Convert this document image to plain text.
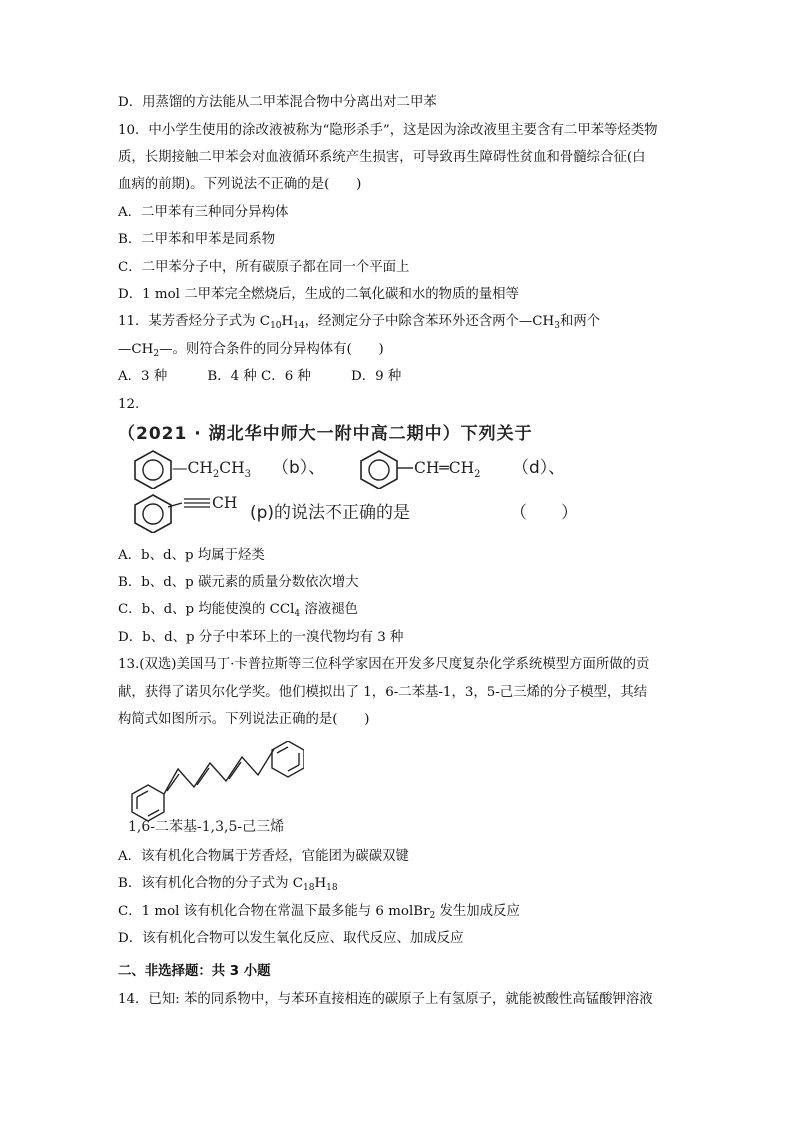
D．用蒸馏的方法能从二甲苯混合物中分离出对二甲苯
10．中小学生使用的涂改液被称为“隐形杀手”，这是因为涂改液里主要含有二甲苯等烃类物
质，长期接触二甲苯会对血液循环系统产生损害，可导致再生障碍性贫血和骨髓综合征(白
血病的前期)。下列说法不正确的是(　　)
A．二甲苯有三种同分异构体
B．二甲苯和甲苯是同系物
C．二甲苯分子中，所有碳原子都在同一个平面上
D．1 mol 二甲苯完全燃烧后，生成的二氧化碳和水的物质的量相等
11．某芳香烃分子式为 $C_{10}H_{14}$，经测定分子中除含苯环外还含两个$—CH_3$和两个
$—CH_2—$。则符合条件的同分异构体有(　　)
A．3 种　　　B．4 种 C．6 种　　　D．9 种
12.
（2021 · 湖北华中师大一附中高二期中）下列关于
$—CH_2CH_3$ （b）、	$CH═CH_2$ （d）、
CH (p)的说法不正确的是	（　　）
A．b、d、p 均属于烃类
B．b、d、p 碳元素的质量分数依次增大
C．b、d、p 均能使溴的 CCl$_4$ 溶液褪色
D．b、d、p 分子中苯环上的一溴代物均有 3 种
13.(双选)美国马丁·卡普拉斯等三位科学家因在开发多尺度复杂化学系统模型方面所做的贡
献，获得了诺贝尔化学奖。他们模拟出了 1，6-二苯基-1，3，5-己三烯的分子模型，其结
构简式如图所示。下列说法正确的是(　　)
1,6-二苯基-1,3,5-己三烯
A．该有机化合物属于芳香烃，官能团为碳碳双键
B．该有机化合物的分子式为 $C_{18}H_{18}$
C．1 mol 该有机化合物在常温下最多能与 6 molBr$_2$ 发生加成反应
D．该有机化合物可以发生氧化反应、取代反应、加成反应
二、非选择题：共 3 小题
14．已知: 苯的同系物中，与苯环直接相连的碳原子上有氢原子，就能被酸性高锰酸钾溶液
